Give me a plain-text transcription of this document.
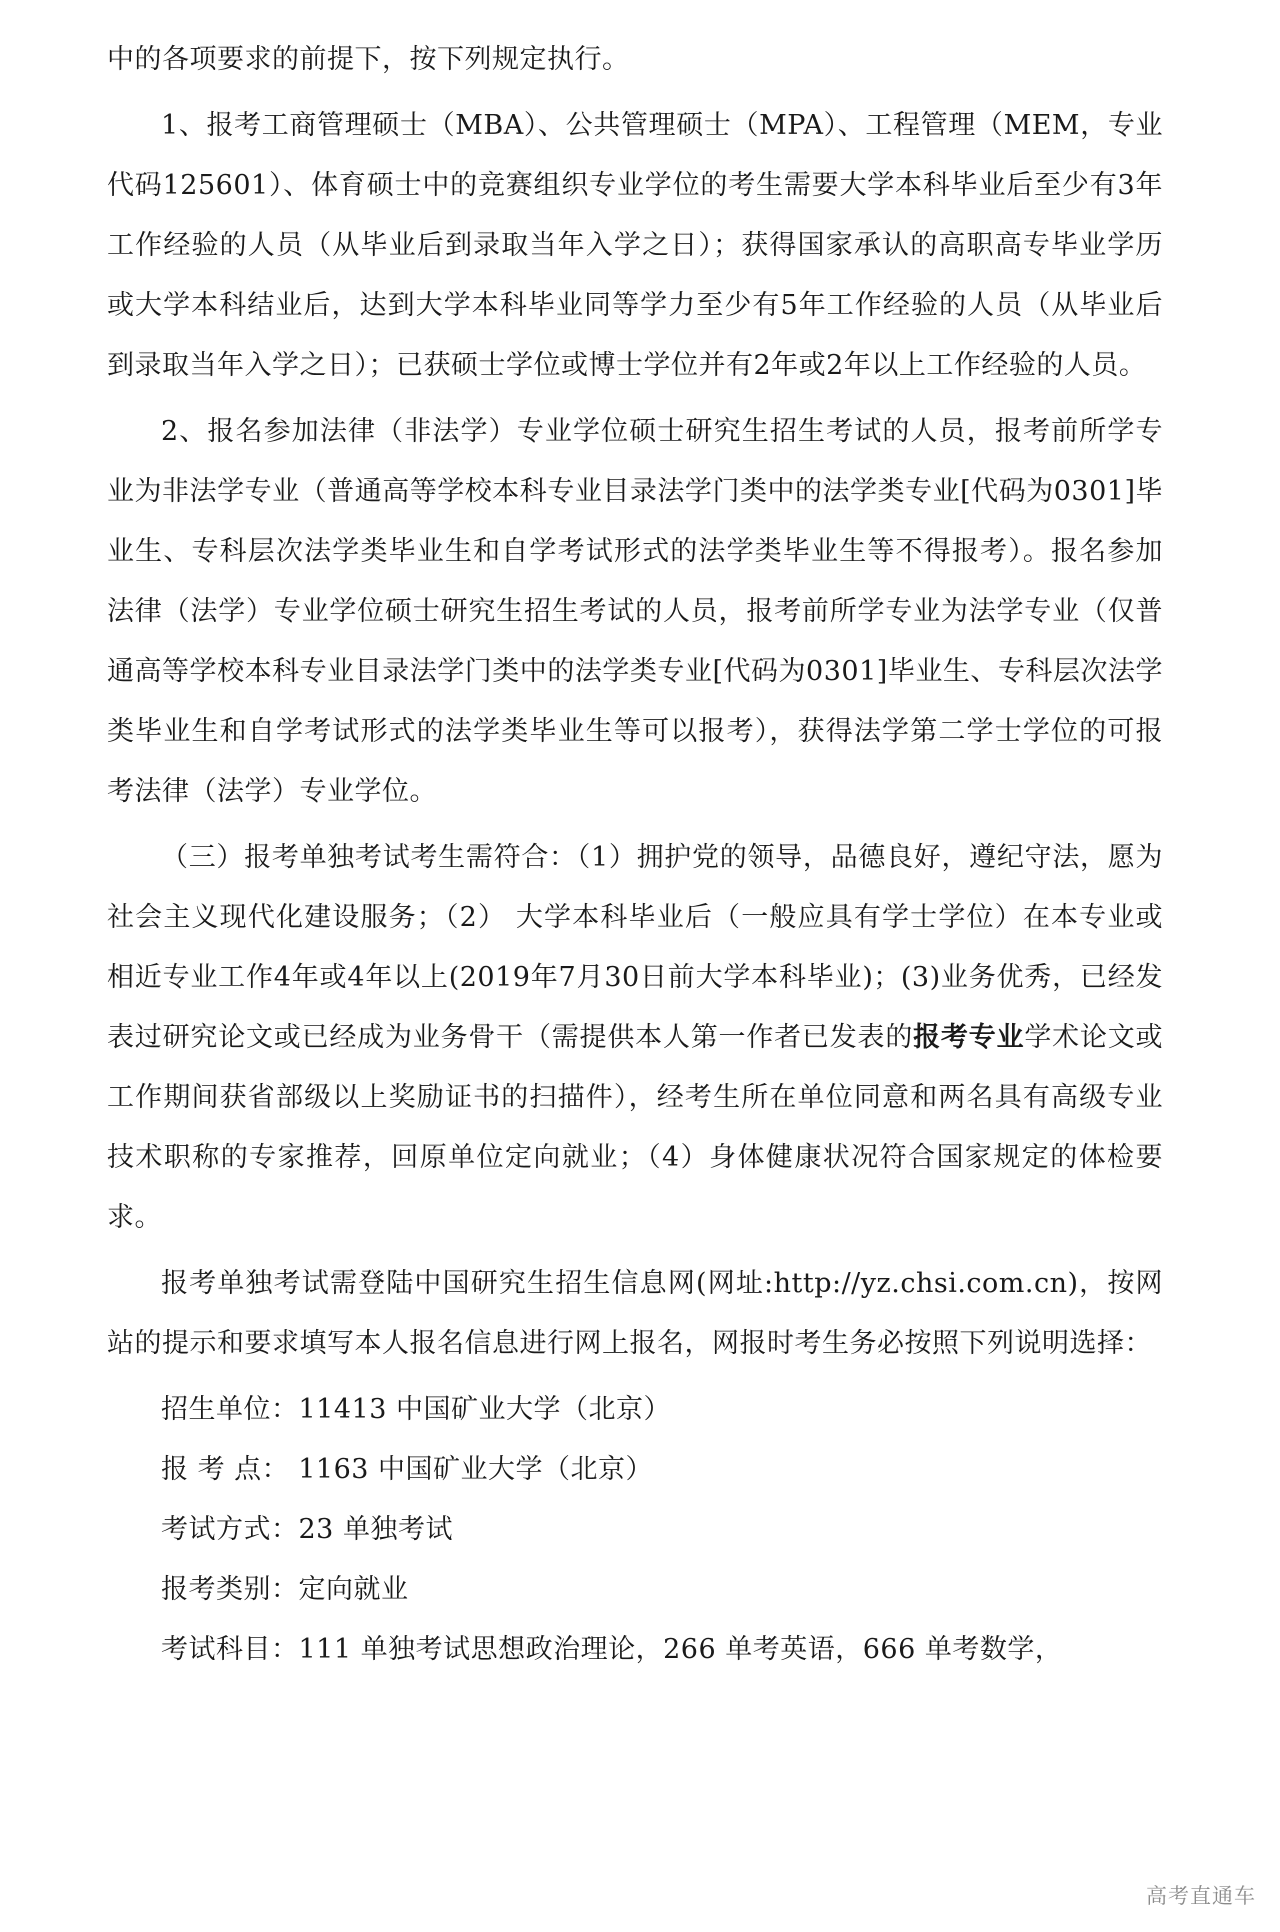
中的各项要求的前提下，按下列规定执行。

1、报考工商管理硕士（MBA）、公共管理硕士（MPA）、工程管理（MEM，专业代码125601）、体育硕士中的竞赛组织专业学位的考生需要大学本科毕业后至少有3年工作经验的人员（从毕业后到录取当年入学之日）；获得国家承认的高职高专毕业学历或大学本科结业后，达到大学本科毕业同等学力至少有5年工作经验的人员（从毕业后到录取当年入学之日）；已获硕士学位或博士学位并有2年或2年以上工作经验的人员。

2、报名参加法律（非法学）专业学位硕士研究生招生考试的人员，报考前所学专业为非法学专业（普通高等学校本科专业目录法学门类中的法学类专业[代码为0301]毕业生、专科层次法学类毕业生和自学考试形式的法学类毕业生等不得报考）。报名参加法律（法学）专业学位硕士研究生招生考试的人员，报考前所学专业为法学专业（仅普通高等学校本科专业目录法学门类中的法学类专业[代码为0301]毕业生、专科层次法学类毕业生和自学考试形式的法学类毕业生等可以报考），获得法学第二学士学位的可报考法律（法学）专业学位。

（三）报考单独考试考生需符合：（1）拥护党的领导，品德良好，遵纪守法，愿为社会主义现代化建设服务；（2） 大学本科毕业后（一般应具有学士学位）在本专业或相近专业工作4年或4年以上(2019年7月30日前大学本科毕业)；(3)业务优秀，已经发表过研究论文或已经成为业务骨干（需提供本人第一作者已发表的报考专业学术论文或工作期间获省部级以上奖励证书的扫描件），经考生所在单位同意和两名具有高级专业技术职称的专家推荐，回原单位定向就业；（4）身体健康状况符合国家规定的体检要求。

报考单独考试需登陆中国研究生招生信息网(网址:http://yz.chsi.com.cn)，按网站的提示和要求填写本人报名信息进行网上报名，网报时考生务必按照下列说明选择：

招生单位：11413 中国矿业大学（北京）

报 考 点： 1163 中国矿业大学（北京）

考试方式：23 单独考试

报考类别：定向就业

考试科目：111 单独考试思想政治理论，266 单考英语，666 单考数学，

高考直通车
